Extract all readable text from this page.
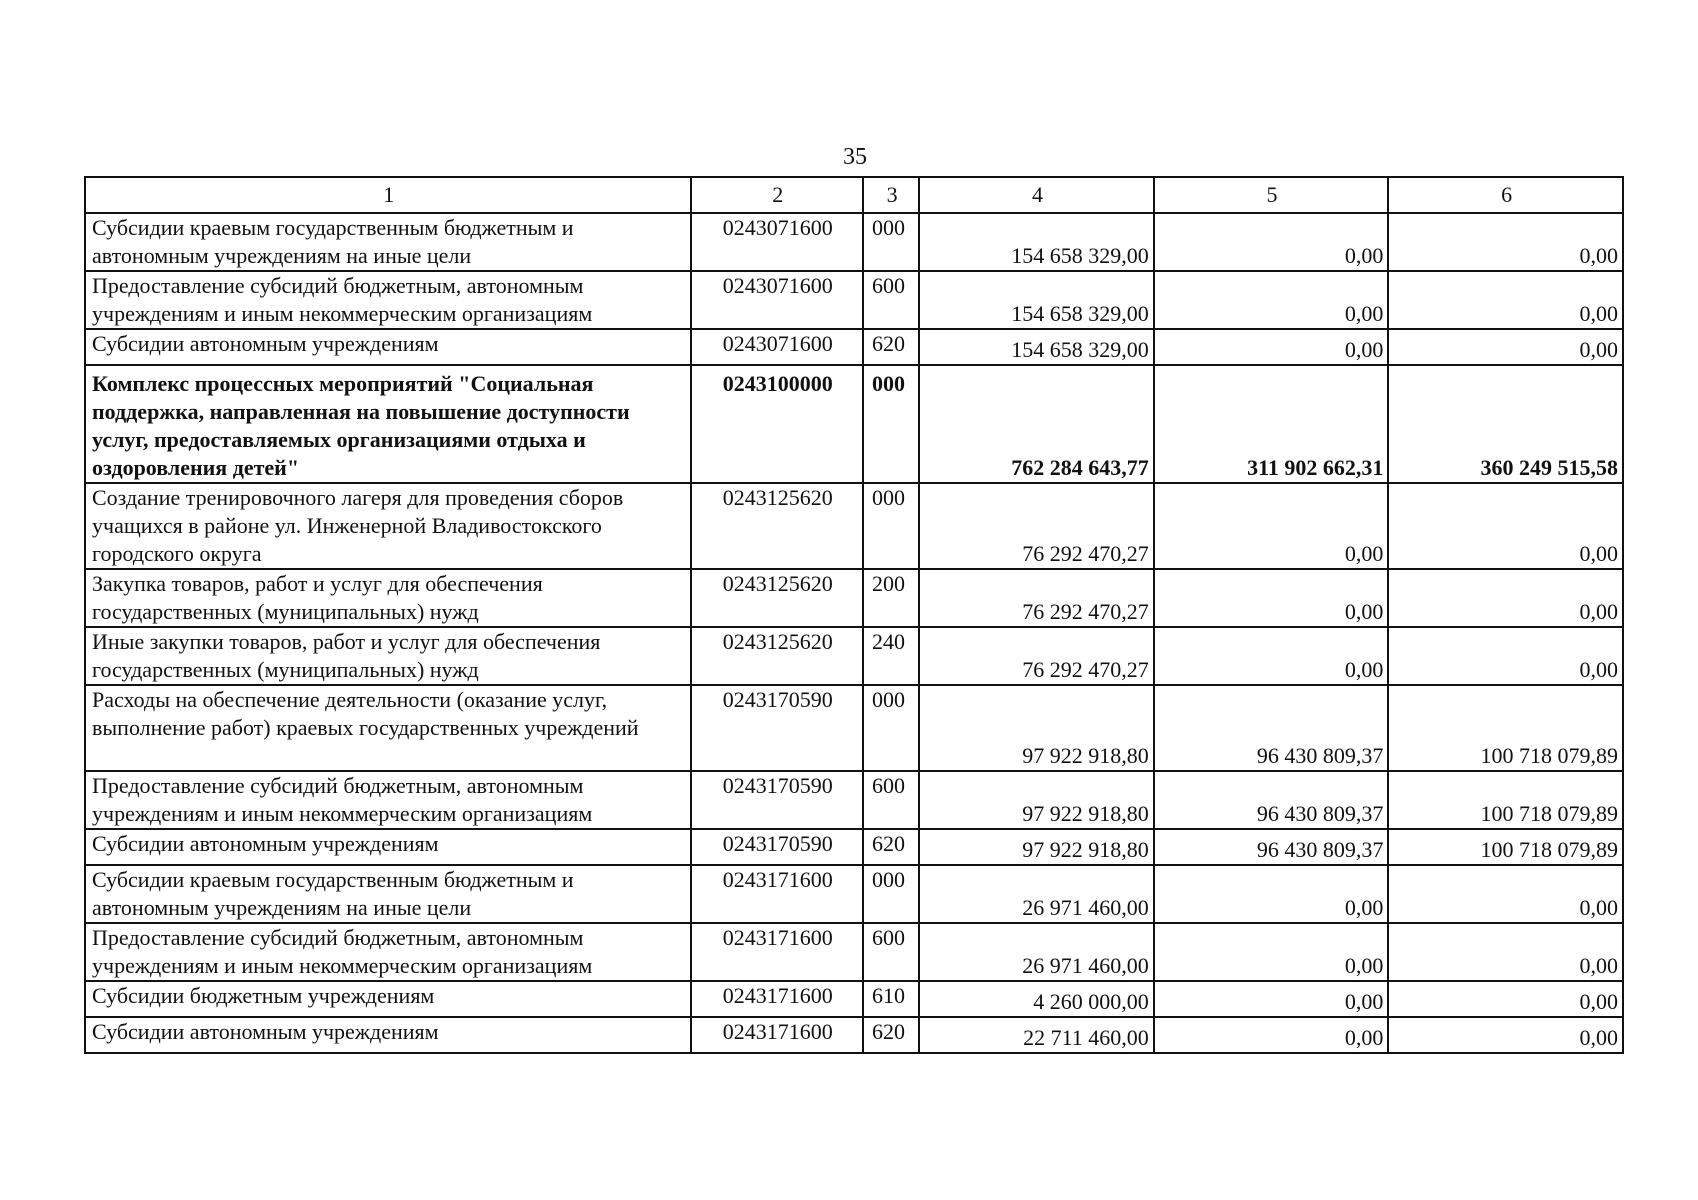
35
1	2	3	4	5	6
Субсидии краевым государственным бюджетным и автономным учреждениям на иные цели	0243071600	000	154 658 329,00	0,00	0,00
Предоставление субсидий бюджетным, автономным учреждениям и иным некоммерческим организациям	0243071600	600	154 658 329,00	0,00	0,00
Субсидии автономным учреждениям	0243071600	620	154 658 329,00	0,00	0,00
Комплекс процессных мероприятий "Социальная поддержка, направленная на повышение доступности услуг, предоставляемых организациями отдыха и оздоровления детей"	0243100000	000	762 284 643,77	311 902 662,31	360 249 515,58
Создание тренировочного лагеря для проведения сборов учащихся в районе ул. Инженерной Владивостокского городского округа	0243125620	000	76 292 470,27	0,00	0,00
Закупка товаров, работ и услуг для обеспечения государственных (муниципальных) нужд	0243125620	200	76 292 470,27	0,00	0,00
Иные закупки товаров, работ и услуг для обеспечения государственных (муниципальных) нужд	0243125620	240	76 292 470,27	0,00	0,00
Расходы на обеспечение деятельности (оказание услуг, выполнение работ) краевых государственных учреждений	0243170590	000	97 922 918,80	96 430 809,37	100 718 079,89
Предоставление субсидий бюджетным, автономным учреждениям и иным некоммерческим организациям	0243170590	600	97 922 918,80	96 430 809,37	100 718 079,89
Субсидии автономным учреждениям	0243170590	620	97 922 918,80	96 430 809,37	100 718 079,89
Субсидии краевым государственным бюджетным и автономным учреждениям на иные цели	0243171600	000	26 971 460,00	0,00	0,00
Предоставление субсидий бюджетным, автономным учреждениям и иным некоммерческим организациям	0243171600	600	26 971 460,00	0,00	0,00
Субсидии бюджетным учреждениям	0243171600	610	4 260 000,00	0,00	0,00
Субсидии автономным учреждениям	0243171600	620	22 711 460,00	0,00	0,00
